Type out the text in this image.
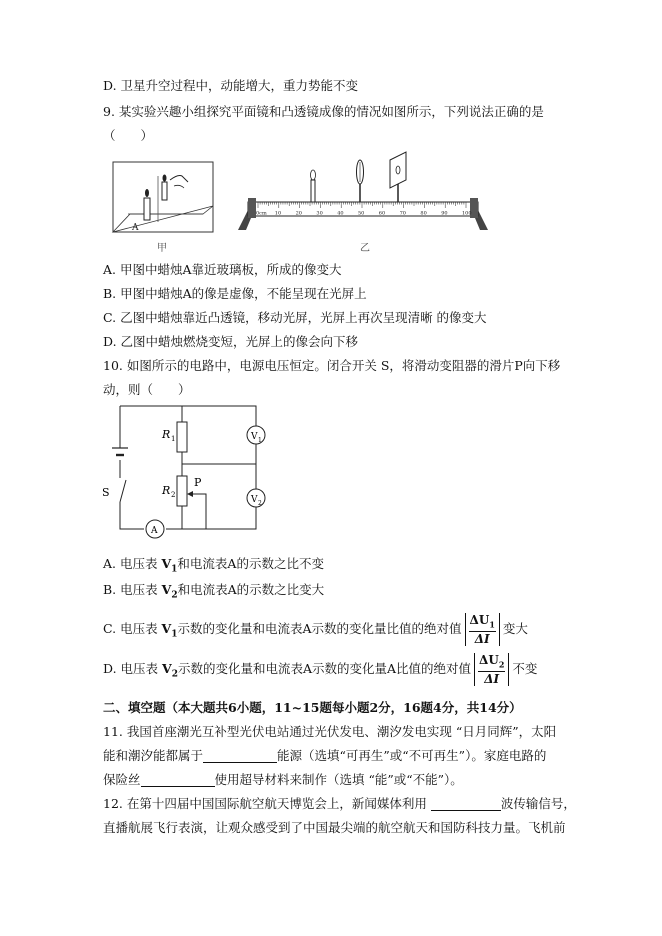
D. 卫星升空过程中，动能增大，重力势能不变
9. 某实验兴趣小组探究平面镜和凸透镜成像的情况如图所示，下列说法正确的是
（　　）
A
甲
0cm 10	20	30	40	50	60	70	80	90	100
乙
A. 甲图中蜡烛A靠近玻璃板，所成的像变大
B. 甲图中蜡烛A的像是虚像，不能呈现在光屏上
C. 乙图中蜡烛靠近凸透镜，移动光屏，光屏上再次呈现清晰 的像变大
D. 乙图中蜡烛燃烧变短，光屏上的像会向下移
10. 如图所示的电路中，电源电压恒定。闭合开关 S，将滑动变阻器的滑片P向下移
动，则（　　）
R 1
R 2
P
S
V 1
V 2
A
A. 电压表 $V_1$和电流表A的示数之比不变
B. 电压表 $V_2$和电流表A的示数之比变大
C. 电压表 $V_1$示数的变化量和电流表A示数的变化量比值的绝对值 $\frac{\Delta U_1}{\Delta I}$ 变大
D. 电压表 $V_2$示数的变化量和电流表A示数的变化量A比值的绝对值 $\frac{\Delta U_2}{\Delta I}$ 不变
二、填空题（本大题共6小题，11~15题每小题2分，16题4分，共14分）
11. 我国首座潮光互补型光伏电站通过光伏发电、潮汐发电实现 “日月同辉”，太阳
能和潮汐能都属于	能源（选填“可再生”或“不可再生”）。家庭电路的
保险丝	使用超导材料来制作（选填 “能”或“不能”）。
12. 在第十四届中国国际航空航天博览会上，新闻媒体利用	波传输信号，
直播航展飞行表演，让观众感受到了中国最尖端的航空航天和国防科技力量。飞机前
